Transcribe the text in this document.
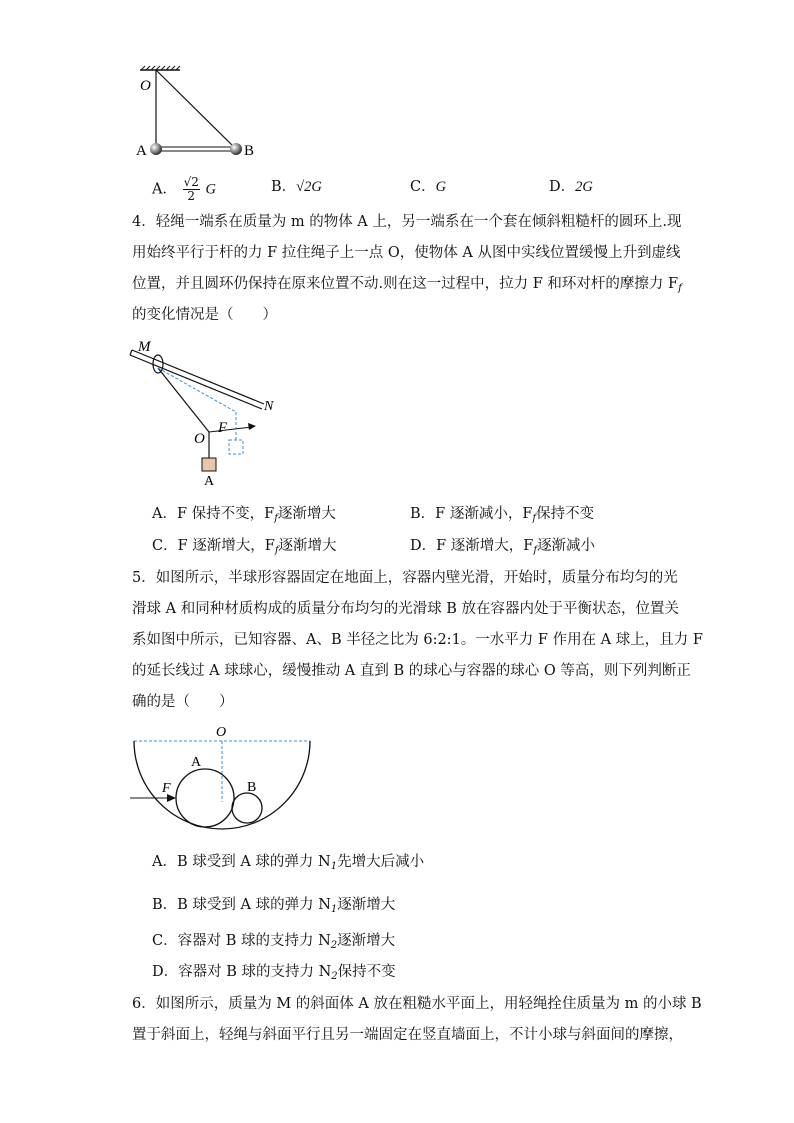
O
A	B
A． $\frac{√2}{2}$ G	B．√2G	C．G	D．2G
4．轻绳一端系在质量为 m 的物体 A 上，另一端系在一个套在倾斜粗糙杆的圆环上.现
用始终平行于杆的力 F 拉住绳子上一点 O，使物体 A 从图中实线位置缓慢上升到虚线
位置，并且圆环仍保持在原来位置不动.则在这一过程中，拉力 F 和环对杆的摩擦力 $F_f$
的变化情况是（　　）
M
N
O
F
A
A．F 保持不变，$F_f$逐渐增大	B．F 逐渐减小，$F_f$保持不变
C．F 逐渐增大，$F_f$逐渐增大	D．F 逐渐增大，$F_f$逐渐减小
5．如图所示，半球形容器固定在地面上，容器内壁光滑，开始时，质量分布均匀的光
滑球 A 和同种材质构成的质量分布均匀的光滑球 B 放在容器内处于平衡状态，位置关
系如图中所示，已知容器、A、B 半径之比为 6:2:1。一水平力 F 作用在 A 球上，且力 F
的延长线过 A 球球心，缓慢推动 A 直到 B 的球心与容器的球心 O 等高，则下列判断正
确的是（　　）
O
A
B
F
A．B 球受到 A 球的弹力 $N_1$先增大后减小
B．B 球受到 A 球的弹力 $N_1$逐渐增大
C．容器对 B 球的支持力 $N_2$逐渐增大
D．容器对 B 球的支持力 $N_2$保持不变
6．如图所示，质量为 M 的斜面体 A 放在粗糙水平面上，用轻绳拴住质量为 m 的小球 B
置于斜面上，轻绳与斜面平行且另一端固定在竖直墙面上，不计小球与斜面间的摩擦，
